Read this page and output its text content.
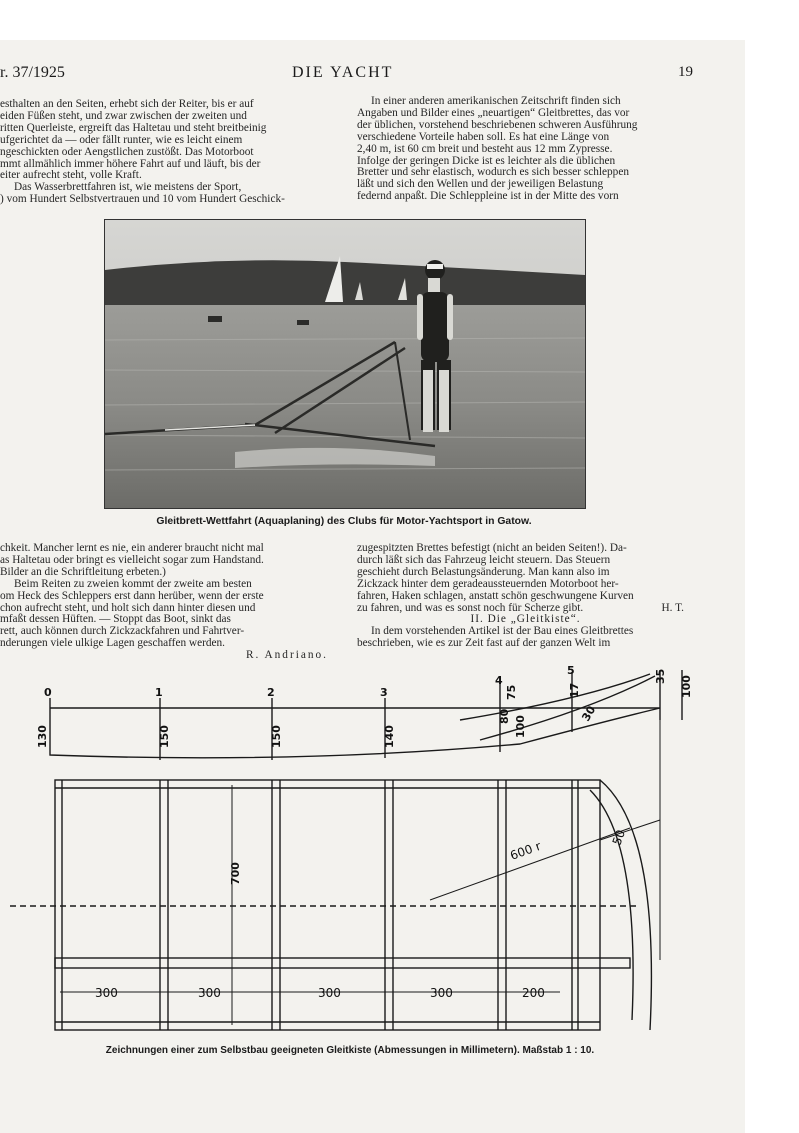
r. 37/1925	DIE YACHT	19

esthalten an den Seiten, erhebt sich der Reiter, bis er auf

eiden Füßen steht, und zwar zwischen der zweiten und

ritten Querleiste, ergreift das Haltetau und steht breitbeinig

ufgerichtet da — oder fällt runter, wie es leicht einem

ngeschickten oder Aengstlichen zustößt. Das Motorboot

mmt allmählich immer höhere Fahrt auf und läuft, bis der

eiter aufrecht steht, volle Kraft.

Das Wasserbrettfahren ist, wie meistens der Sport,

) vom Hundert Selbstvertrauen und 10 vom Hundert Geschick-

In einer anderen amerikanischen Zeitschrift finden sich

Angaben und Bilder eines „neuartigen“ Gleitbrettes, das vor

der üblichen, vorstehend beschriebenen schweren Ausführung

verschiedene Vorteile haben soll. Es hat eine Länge von

2,40 m, ist 60 cm breit und besteht aus 12 mm Zypresse.

Infolge der geringen Dicke ist es leichter als die üblichen

Bretter und sehr elastisch, wodurch es sich besser schleppen

läßt und sich den Wellen und der jeweiligen Belastung

federnd anpaßt. Die Schleppleine ist in der Mitte des vorn

Gleitbrett-Wettfahrt (Aquaplaning) des Clubs für Motor-Yachtsport in Gatow.

chkeit. Mancher lernt es nie, ein anderer braucht nicht mal

as Haltetau oder bringt es vielleicht sogar zum Handstand.

Bilder an die Schriftleitung erbeten.)

Beim Reiten zu zweien kommt der zweite am besten

om Heck des Schleppers erst dann herüber, wenn der erste

chon aufrecht steht, und holt sich dann hinter diesen und

mfaßt dessen Hüften. — Stoppt das Boot, sinkt das

rett, auch können durch Zickzackfahren und Fahrtver-

nderungen viele ulkige Lagen geschaffen werden.

R. Andriano.

zugespitzten Brettes befestigt (nicht an beiden Seiten!). Da-

durch läßt sich das Fahrzeug leicht steuern. Das Steuern

geschieht durch Belastungsänderung. Man kann also im

Zickzack hinter dem geradeaussteuernden Motorboot her-

fahren, Haken schlagen, anstatt schön geschwungene Kurven

zu fahren, und was es sonst noch für Scherze gibt.	H. T.

II. Die „Gleitkiste“.

In dem vorstehenden Artikel ist der Bau eines Gleitbrettes

beschrieben, wie es zur Zeit fast auf der ganzen Welt im

0	1	2	3
4
5
130	150	150	140	100
80
75
30
17
35 100
700
600 r
50
300	300	300	300	200
Zeichnungen einer zum Selbstbau geeigneten Gleitkiste (Abmessungen in Millimetern). Maßstab 1 : 10.
